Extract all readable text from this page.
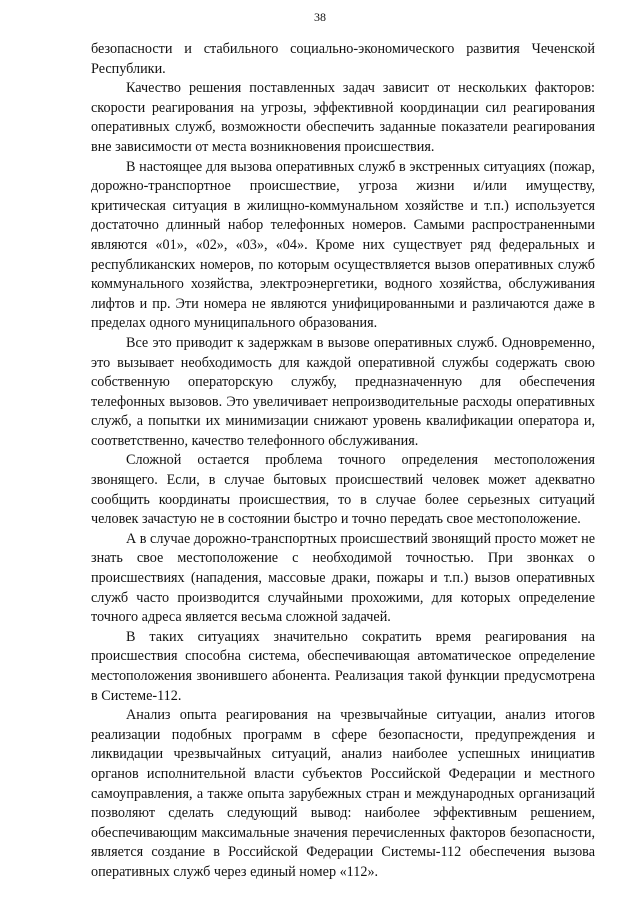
38

безопасности и стабильного социально-экономического развития Чеченской Республики.

Качество решения поставленных задач зависит от нескольких факторов: скорости реагирования на угрозы, эффективной координации сил реагирования оперативных служб, возможности обеспечить заданные показатели реагирования вне зависимости от места возникновения происшествия.

В настоящее для вызова оперативных служб в экстренных ситуациях (пожар, дорожно-транспортное происшествие, угроза жизни и/или имуществу, критическая ситуация в жилищно-коммунальном хозяйстве и т.п.) используется достаточно длинный набор телефонных номеров. Самыми распространенными являются «01», «02», «03», «04». Кроме них существует ряд федеральных и республиканских номеров, по которым осуществляется вызов оперативных служб коммунального хозяйства, электроэнергетики, водного хозяйства, обслуживания лифтов и пр. Эти номера не являются унифицированными и различаются даже в пределах одного муниципального образования.

Все это приводит к задержкам в вызове оперативных служб. Одновременно, это вызывает необходимость для каждой оперативной службы содержать свою собственную операторскую службу, предназначенную для обеспечения телефонных вызовов. Это увеличивает непроизводительные расходы оперативных служб, а попытки их минимизации снижают уровень квалификации оператора и, соответственно, качество телефонного обслуживания.

Сложной остается проблема точного определения местоположения звонящего. Если, в случае бытовых происшествий человек может адекватно сообщить координаты происшествия, то в случае более серьезных ситуаций человек зачастую не в состоянии быстро и точно передать свое местоположение.

А в случае дорожно-транспортных происшествий звонящий просто может не знать свое местоположение с необходимой точностью. При звонках о происшествиях (нападения, массовые драки, пожары и т.п.) вызов оперативных служб часто производится случайными прохожими, для которых определение точного адреса является весьма сложной задачей.

В таких ситуациях значительно сократить время реагирования на происшествия способна система, обеспечивающая автоматическое определение местоположения звонившего абонента. Реализация такой функции предусмотрена в Системе-112.

Анализ опыта реагирования на чрезвычайные ситуации, анализ итогов реализации подобных программ в сфере безопасности, предупреждения и ликвидации чрезвычайных ситуаций, анализ наиболее успешных инициатив органов исполнительной власти субъектов Российской Федерации и местного самоуправления, а также опыта зарубежных стран и международных организаций позволяют сделать следующий вывод: наиболее эффективным решением, обеспечивающим максимальные значения перечисленных факторов безопасности, является создание в Российской Федерации Системы-112 обеспечения вызова оперативных служб через единый номер «112».
